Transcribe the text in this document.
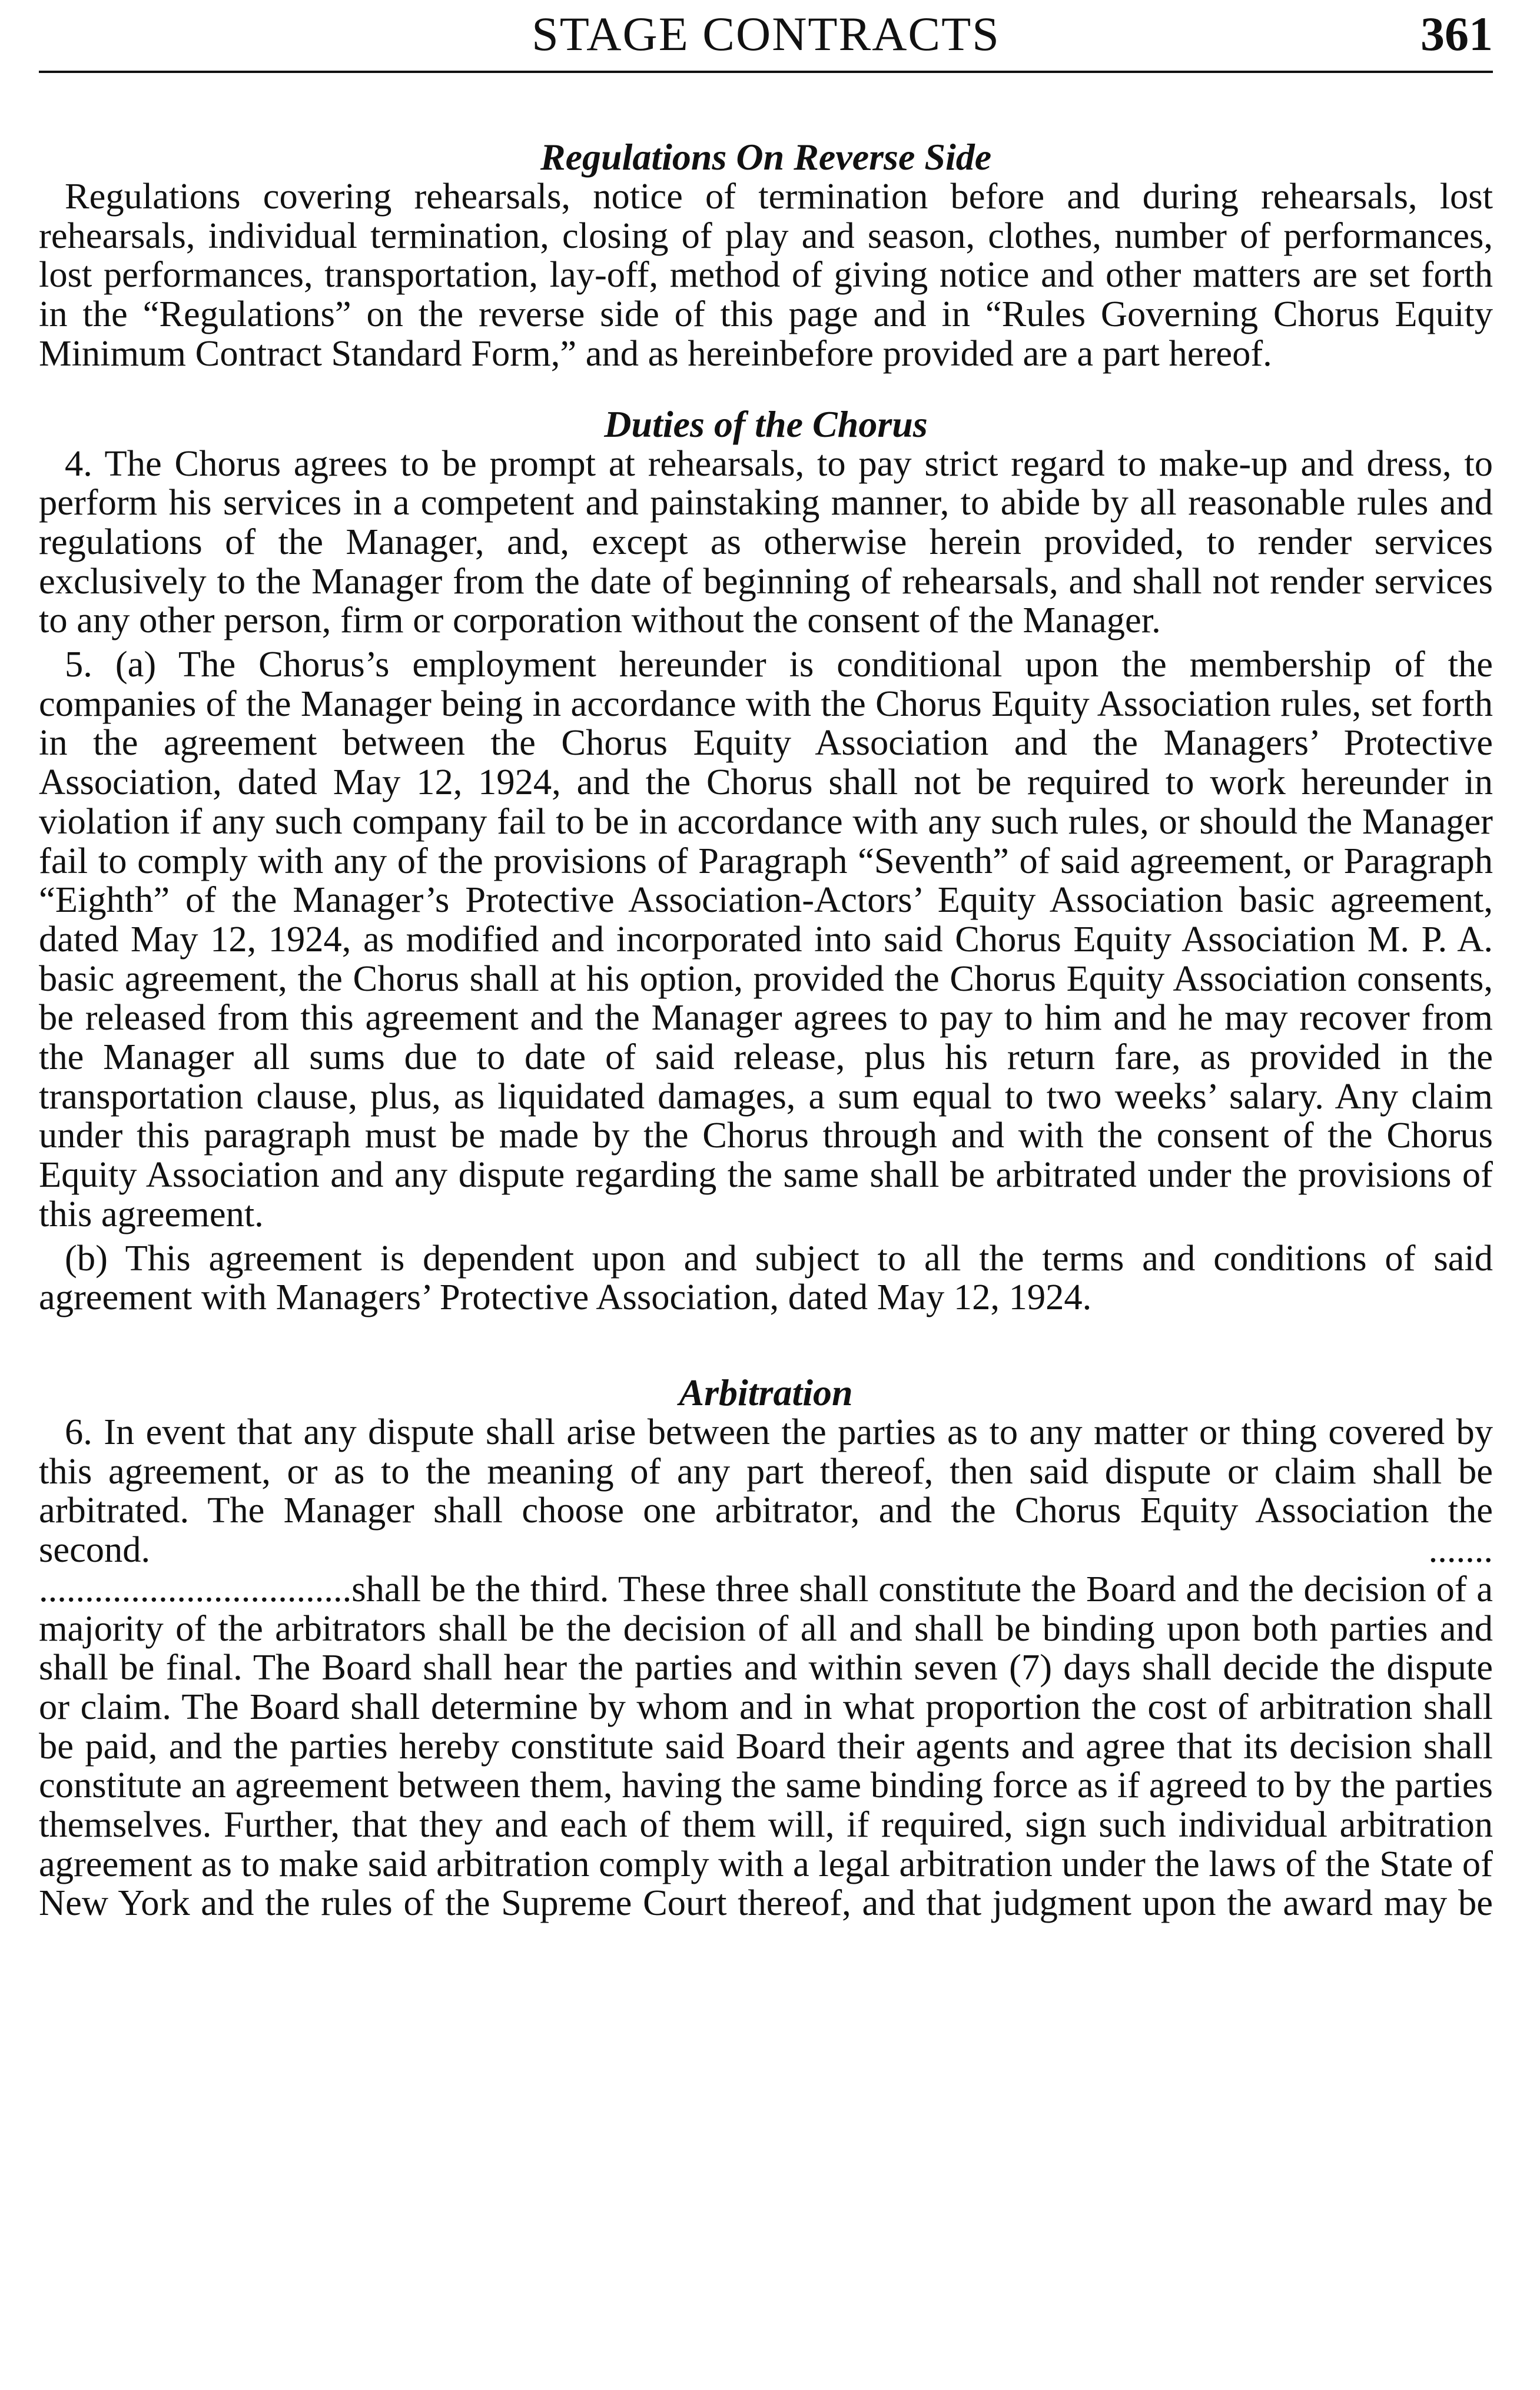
STAGE CONTRACTS	361
Regulations On Reverse Side

Regulations covering rehearsals, notice of termination before and during rehearsals, lost rehearsals, individual termination, closing of play and season, clothes, number of performances, lost performances, transportation, lay-off, method of giving notice and other matters are set forth in the “Regulations” on the reverse side of this page and in “Rules Governing Chorus Equity Minimum Contract Standard Form,” and as hereinbefore provided are a part hereof.

Duties of the Chorus

4. The Chorus agrees to be prompt at rehearsals, to pay strict regard to make-up and dress, to perform his services in a competent and painstaking manner, to abide by all reasonable rules and regulations of the Manager, and, except as otherwise herein provided, to render services exclusively to the Manager from the date of beginning of rehearsals, and shall not render services to any other person, firm or corporation without the consent of the Manager.

5. (a) The Chorus’s employment hereunder is conditional upon the membership of the companies of the Manager being in accordance with the Chorus Equity Association rules, set forth in the agreement between the Chorus Equity Association and the Managers’ Protective Association, dated May 12, 1924, and the Chorus shall not be required to work hereunder in violation if any such company fail to be in accordance with any such rules, or should the Manager fail to comply with any of the provisions of Paragraph “Seventh” of said agreement, or Paragraph “Eighth” of the Manager’s Protective Association-Actors’ Equity Association basic agreement, dated May 12, 1924, as modified and incorporated into said Chorus Equity Association M. P. A. basic agreement, the Chorus shall at his option, provided the Chorus Equity Association consents, be released from this agreement and the Manager agrees to pay to him and he may recover from the Manager all sums due to date of said release, plus his return fare, as provided in the transportation clause, plus, as liquidated damages, a sum equal to two weeks’ salary. Any claim under this paragraph must be made by the Chorus through and with the consent of the Chorus Equity Association and any dispute regarding the same shall be arbitrated under the provisions of this agreement.

(b) This agreement is dependent upon and subject to all the terms and conditions of said agreement with Managers’ Protective Association, dated May 12, 1924.

Arbitration

6. In event that any dispute shall arise between the parties as to any matter or thing covered by this agreement, or as to the meaning of any part thereof, then said dispute or claim shall be arbitrated. The Manager shall choose one arbitrator, and the Chorus Equity Association the second. .......

..................................shall be the third. These three shall constitute the Board and the decision of a majority of the arbitrators shall be the decision of all and shall be binding upon both parties and shall be final. The Board shall hear the parties and within seven (7) days shall decide the dispute or claim. The Board shall determine by whom and in what proportion the cost of arbitration shall be paid, and the parties hereby constitute said Board their agents and agree that its decision shall constitute an agreement between them, having the same binding force as if agreed to by the parties themselves. Further, that they and each of them will, if required, sign such individual arbitration agreement as to make said arbitration comply with a legal arbitration under the laws of the State of New York and the rules of the Supreme Court thereof, and that judgment upon the award may be
